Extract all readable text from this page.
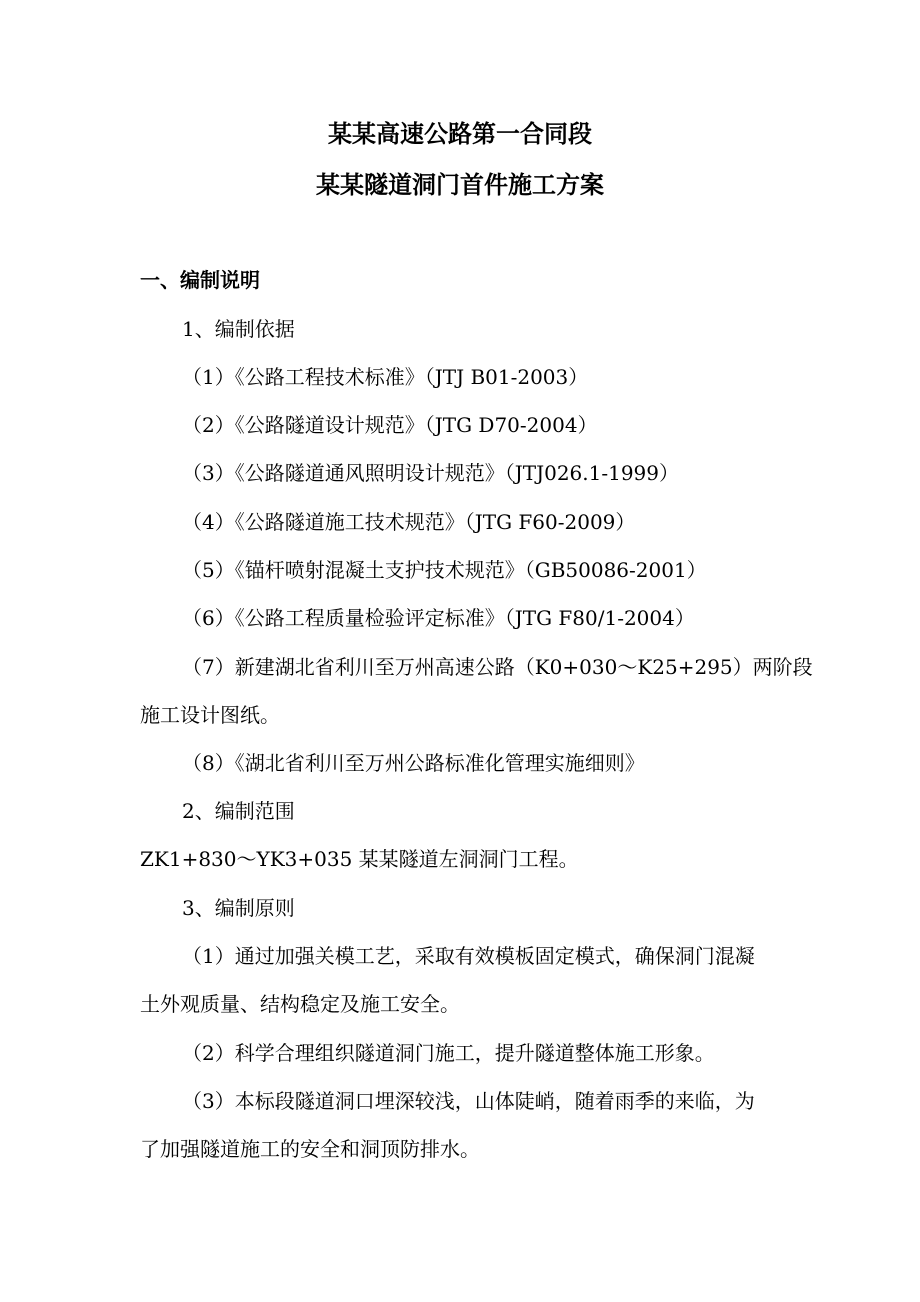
某某高速公路第一合同段
某某隧道洞门首件施工方案
一、编制说明
1、编制依据
（1）《公路工程技术标准》（JTJ B01-2003）
（2）《公路隧道设计规范》（JTG D70-2004）
（3）《公路隧道通风照明设计规范》（JTJ026.1-1999）
（4）《公路隧道施工技术规范》（JTG F60-2009）
（5）《锚杆喷射混凝土支护技术规范》（GB50086-2001）
（6）《公路工程质量检验评定标准》（JTG F80/1-2004）
（7）新建湖北省利川至万州高速公路（K0+030～K25+295）两阶段
施工设计图纸。
（8）《湖北省利川至万州公路标准化管理实施细则》
2、编制范围
ZK1+830～YK3+035 某某隧道左洞洞门工程。
3、编制原则
（1）通过加强关模工艺，采取有效模板固定模式，确保洞门混凝
土外观质量、结构稳定及施工安全。
（2）科学合理组织隧道洞门施工，提升隧道整体施工形象。
（3）本标段隧道洞口埋深较浅，山体陡峭，随着雨季的来临，为
了加强隧道施工的安全和洞顶防排水。
